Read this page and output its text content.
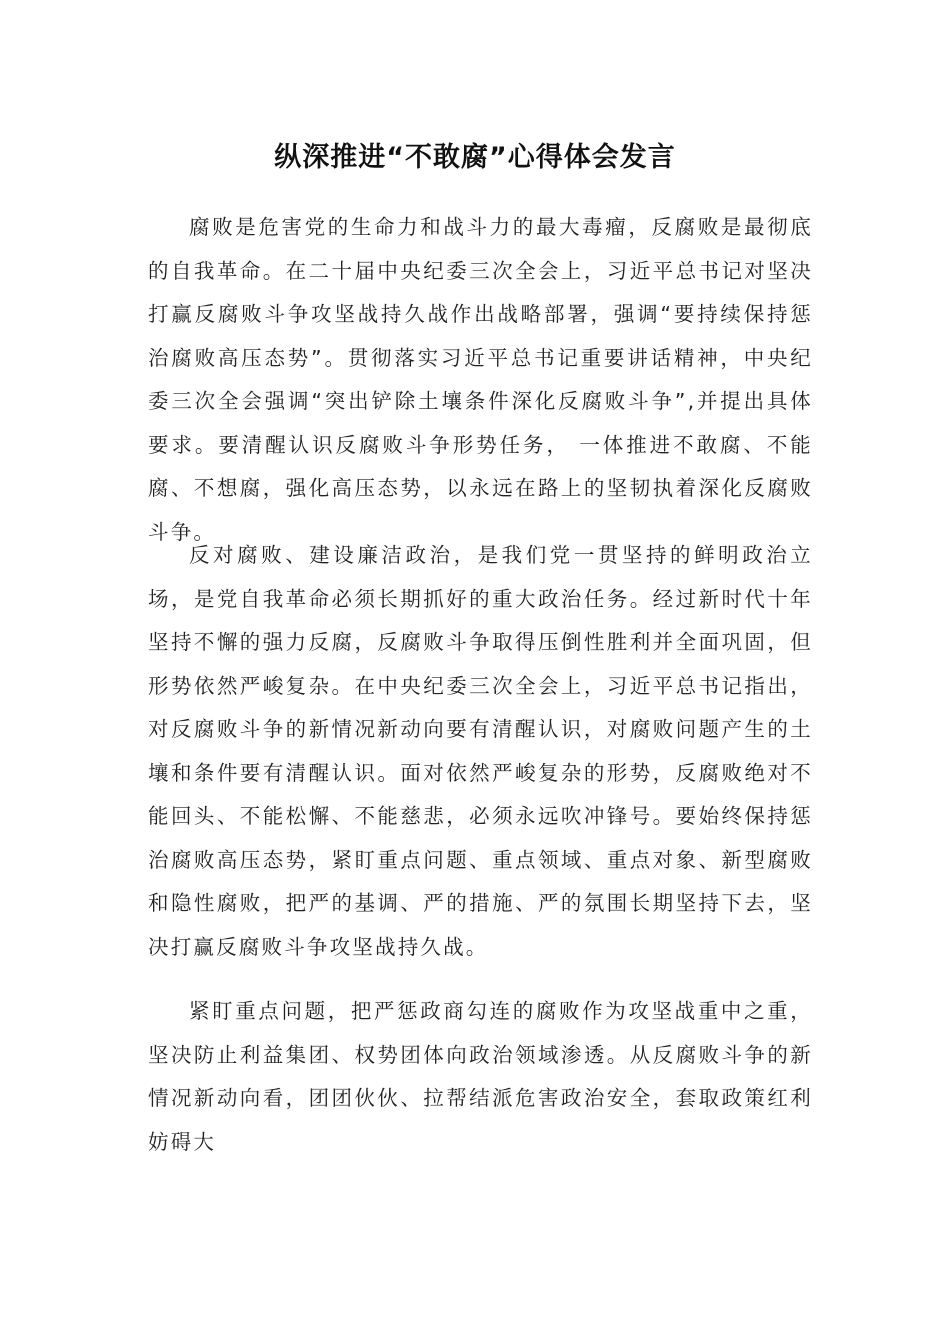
纵深推进“不敢腐”心得体会发言

腐败是危害党的生命力和战斗力的最大毒瘤，反腐败是最彻底的自我革命。在二十届中央纪委三次全会上，习近平总书记对坚决打赢反腐败斗争攻坚战持久战作出战略部署，强调“要持续保持惩治腐败高压态势”。贯彻落实习近平总书记重要讲话精神，中央纪委三次全会强调“突出铲除土壤条件深化反腐败斗争”,并提出具体要求。要清醒认识反腐败斗争形势任务， 一体推进不敢腐、不能腐、不想腐，强化高压态势，以永远在路上的坚韧执着深化反腐败斗争。

反对腐败、建设廉洁政治，是我们党一贯坚持的鲜明政治立场，是党自我革命必须长期抓好的重大政治任务。经过新时代十年坚持不懈的强力反腐，反腐败斗争取得压倒性胜利并全面巩固，但形势依然严峻复杂。在中央纪委三次全会上，习近平总书记指出，对反腐败斗争的新情况新动向要有清醒认识，对腐败问题产生的土壤和条件要有清醒认识。面对依然严峻复杂的形势，反腐败绝对不能回头、不能松懈、不能慈悲，必须永远吹冲锋号。要始终保持惩治腐败高压态势，紧盯重点问题、重点领域、重点对象、新型腐败和隐性腐败，把严的基调、严的措施、严的氛围长期坚持下去，坚决打赢反腐败斗争攻坚战持久战。

紧盯重点问题，把严惩政商勾连的腐败作为攻坚战重中之重，坚决防止利益集团、权势团体向政治领域渗透。从反腐败斗争的新情况新动向看，团团伙伙、拉帮结派危害政治安全，套取政策红利妨碍大
